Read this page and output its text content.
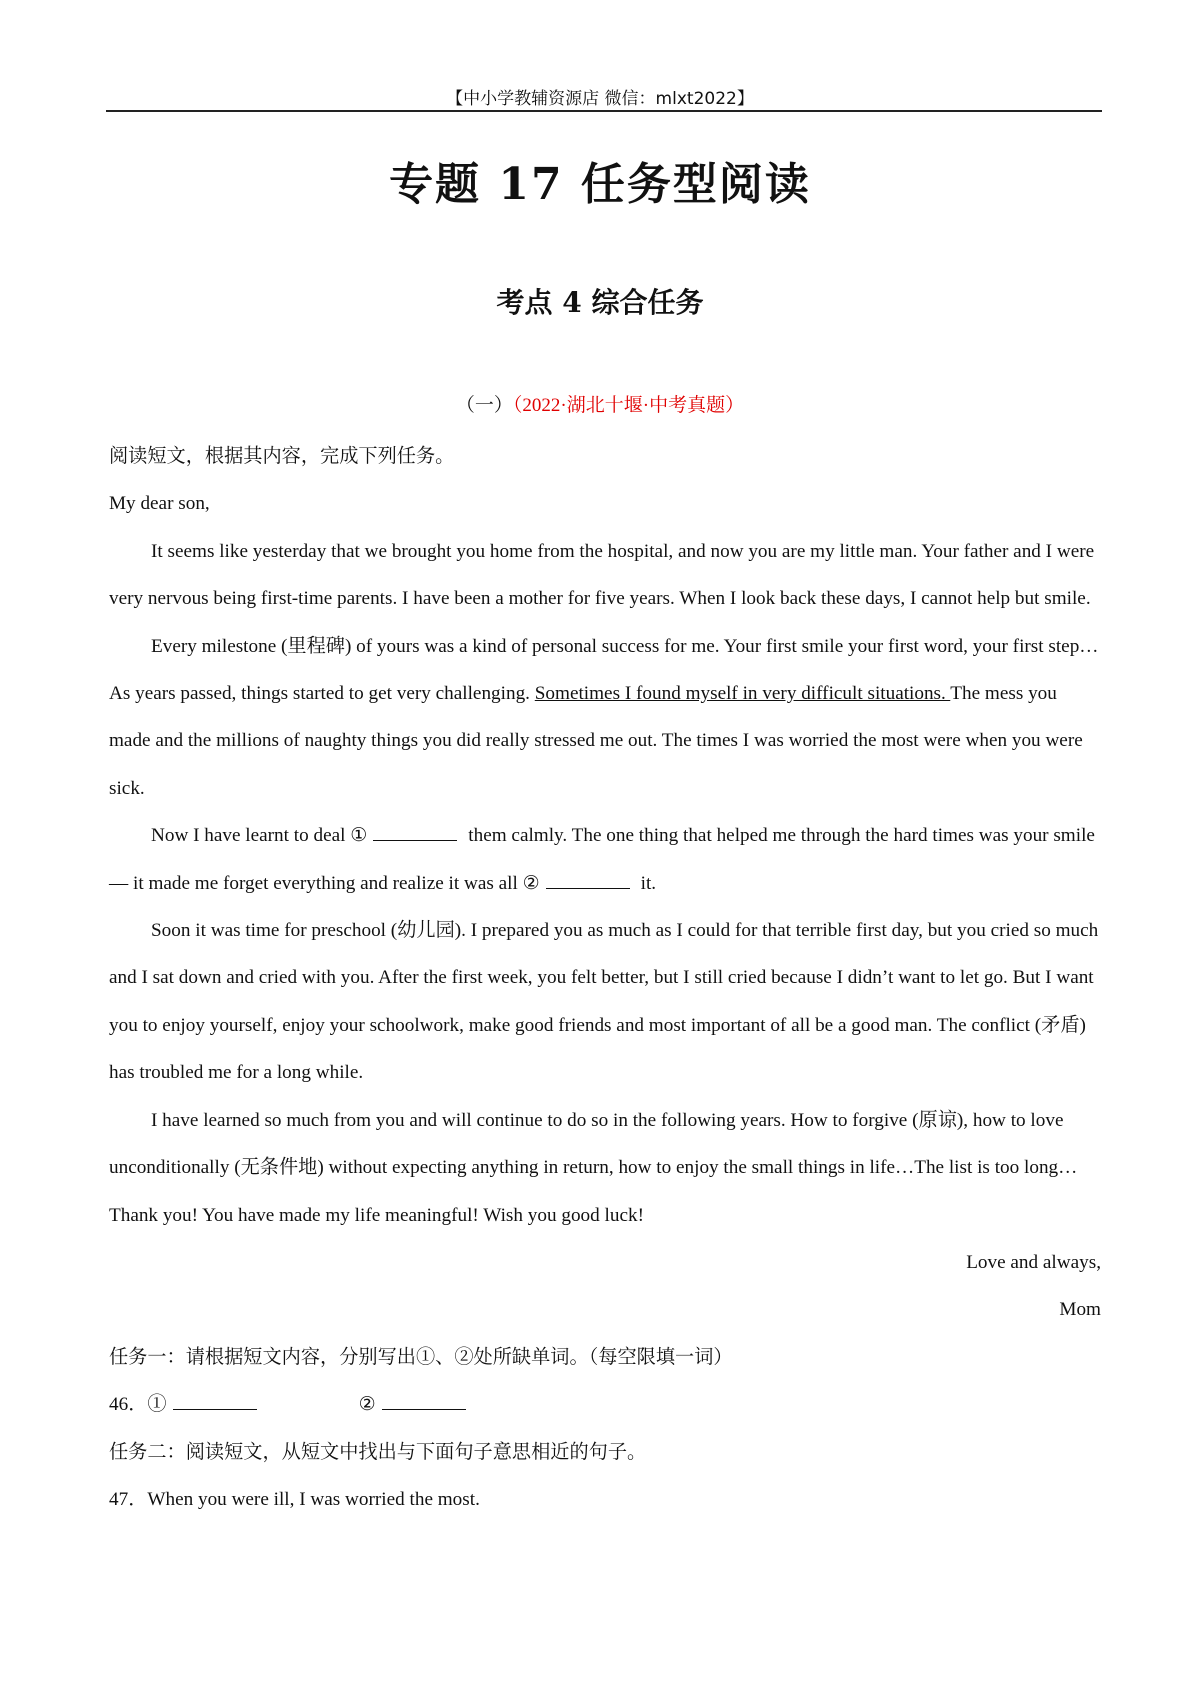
【中小学教辅资源店 微信：mlxt2022】
专题 17 任务型阅读
考点 4 综合任务
（一）（2022·湖北十堰·中考真题）

阅读短文，根据其内容，完成下列任务。

My dear son,

It seems like yesterday that we brought you home from the hospital, and now you are my little man. Your father and I were very nervous being first-time parents. I have been a mother for five years. When I look back these days, I cannot help but smile.

Every milestone (里程碑) of yours was a kind of personal success for me. Your first smile your first word, your first step…As years passed, things started to get very challenging. Sometimes I found myself in very difficult situations. The mess you made and the millions of naughty things you did really stressed me out. The times I was worried the most were when you were sick.

Now I have learnt to deal ①	them calmly. The one thing that helped me through the hard times was your smile — it made me forget everything and realize it was all ②	it.

Soon it was time for preschool (幼儿园). I prepared you as much as I could for that terrible first day, but you cried so much and I sat down and cried with you. After the first week, you felt better, but I still cried because I didn’t want to let go. But I want you to enjoy yourself, enjoy your schoolwork, make good friends and most important of all be a good man. The conflict (矛盾) has troubled me for a long while.

I have learned so much from you and will continue to do so in the following years. How to forgive (原谅), how to love unconditionally (无条件地) without expecting anything in return, how to enjoy the small things in life…The list is too long…Thank you! You have made my life meaningful! Wish you good luck!

Love and always,

Mom

任务一：请根据短文内容，分别写出①、②处所缺单词。（每空限填一词）

46．①	②

任务二：阅读短文，从短文中找出与下面句子意思相近的句子。

47．When you were ill, I was worried the most.
